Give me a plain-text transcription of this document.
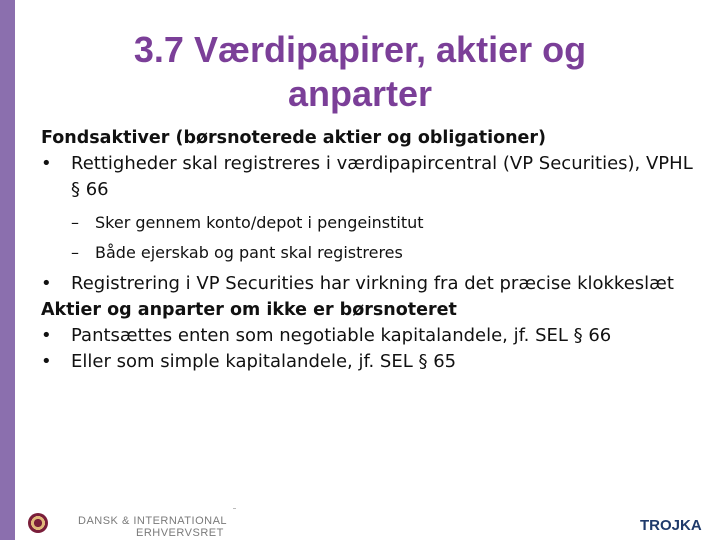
3.7 Værdipapirer, aktier og anparter

Fondsaktiver (børsnoterede aktier og obligationer)

• Rettigheder skal registreres i værdipapircentral (VP Securities), VPHL § 66

– Sker gennem konto/depot i pengeinstitut

– Både ejerskab og pant skal registreres

• Registrering i VP Securities har virkning fra det præcise klokkeslæt

Aktier og anparter om ikke er børsnoteret

• Pantsættes enten som negotiable kapitalandele, jf. SEL § 66

• Eller som simple kapitalandele, jf. SEL § 65

DANSK & INTERNATIONAL
ERHVERVSRET	TROJKA
